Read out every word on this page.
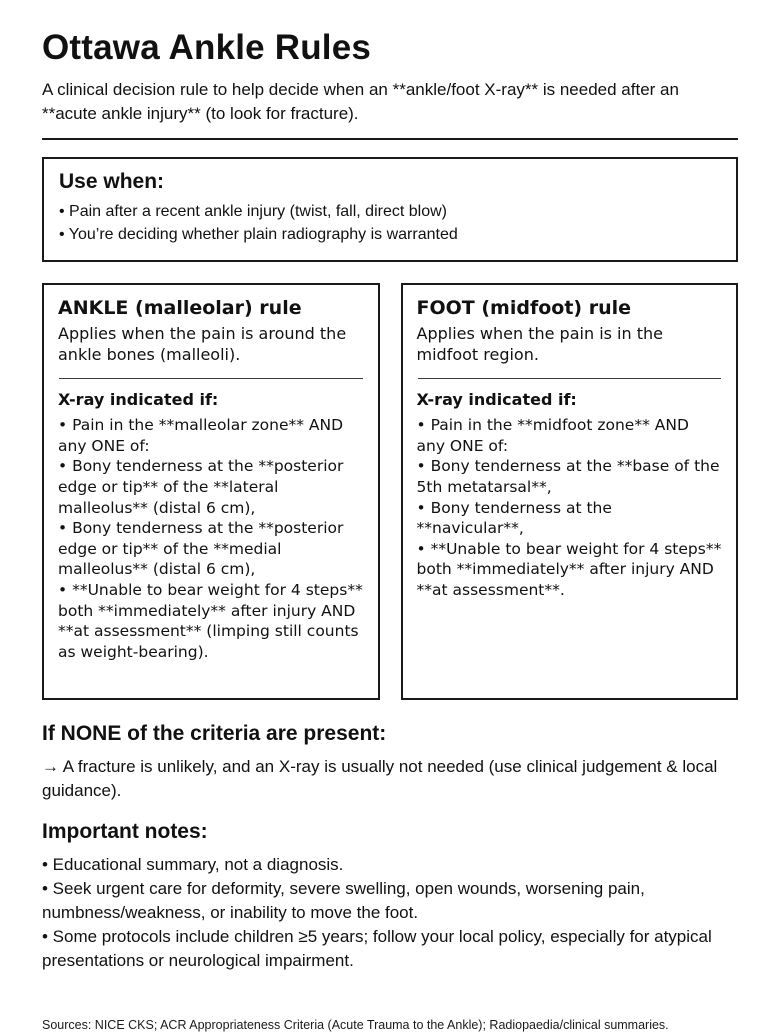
Ottawa Ankle Rules

A clinical decision rule to help decide when an **ankle/foot X-ray** is needed after an **acute ankle injury** (to look for fracture).

Use when:
• Pain after a recent ankle injury (twist, fall, direct blow)
• You’re deciding whether plain radiography is warranted
ANKLE (malleolar) rule

Applies when the pain is around the ankle bones (malleoli).

X-ray indicated if:

• Pain in the **malleolar zone** AND any ONE of:
• Bony tenderness at the **posterior edge or tip** of the **lateral malleolus** (distal 6 cm),
• Bony tenderness at the **posterior edge or tip** of the **medial malleolus** (distal 6 cm),
• **Unable to bear weight for 4 steps** both **immediately** after injury AND **at assessment** (limping still counts as weight-bearing).
FOOT (midfoot) rule

Applies when the pain is in the midfoot region.

X-ray indicated if:

• Pain in the **midfoot zone** AND any ONE of:
• Bony tenderness at the **base of the 5th metatarsal**,
• Bony tenderness at the **navicular**,
• **Unable to bear weight for 4 steps** both **immediately** after injury AND **at assessment**.
If NONE of the criteria are present:

→ A fracture is unlikely, and an X-ray is usually not needed (use clinical judgement & local guidance).

Important notes:
• Educational summary, not a diagnosis.
• Seek urgent care for deformity, severe swelling, open wounds, worsening pain, numbness/weakness, or inability to move the foot.
• Some protocols include children ≥5 years; follow your local policy, especially for atypical presentations or neurological impairment.

Sources: NICE CKS; ACR Appropriateness Criteria (Acute Trauma to the Ankle); Radiopaedia/clinical summaries.
